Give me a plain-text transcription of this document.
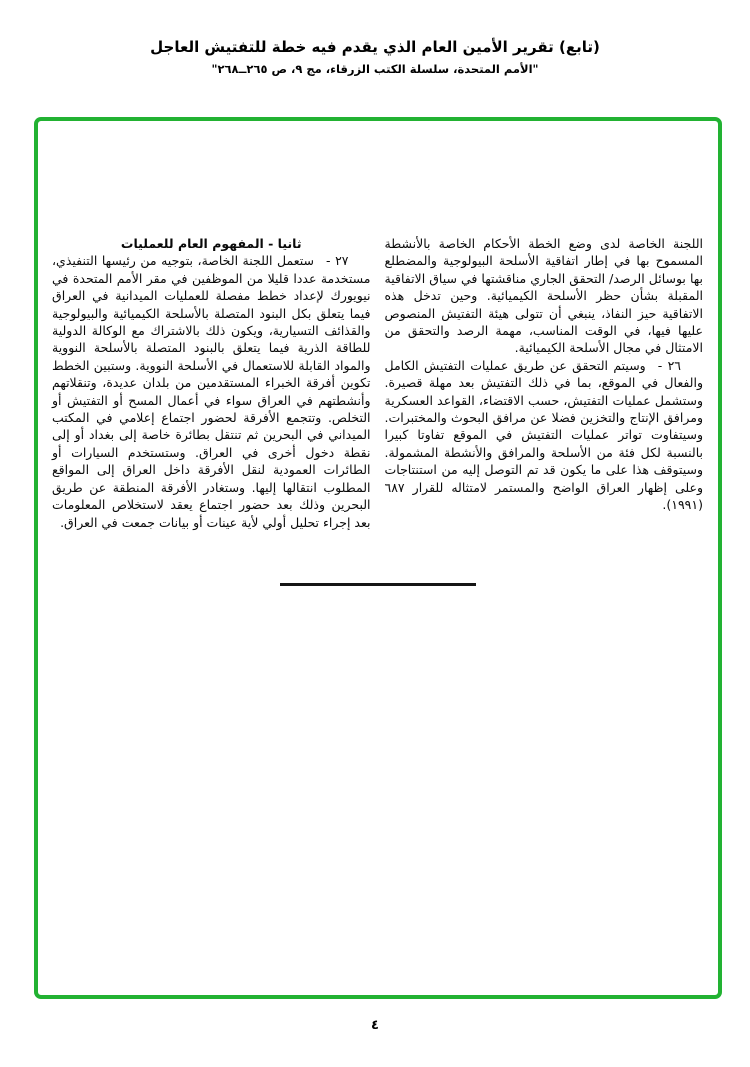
(تابع) تقرير الأمين العام الذي يقدم فيه خطة للتفتيش العاجل
"الأمم المتحدة، سلسلة الكتب الزرقاء، مج ٩، ص ٢٦٥ــ٢٦٨"

اللجنة الخاصة لدى وضع الخطة الأحكام الخاصة بالأنشطة المسموح بها في إطار اتفاقية الأسلحة البيولوجية والمضطلع بها بوسائل الرصد/ التحقق الجاري مناقشتها في سياق الاتفاقية المقبلة بشأن حظر الأسلحة الكيميائية. وحين تدخل هذه الاتفاقية حيز النفاذ، ينبغي أن تتولى هيئة التفتيش المنصوص عليها فيها، في الوقت المناسب، مهمة الرصد والتحقق من الامتثال في مجال الأسلحة الكيميائية.

٢٦ -وسيتم التحقق عن طريق عمليات التفتيش الكامل والفعال في الموقع، بما في ذلك التفتيش بعد مهلة قصيرة. وستشمل عمليات التفتيش، حسب الاقتضاء، القواعد العسكرية ومرافق الإنتاج والتخزين فضلا عن مرافق البحوث والمختبرات. وسيتفاوت تواتر عمليات التفتيش في الموقع تفاوتا كبيرا بالنسبة لكل فئة من الأسلحة والمرافق والأنشطة المشمولة. وسيتوقف هذا على ما يكون قد تم التوصل إليه من استنتاجات وعلى إظهار العراق الواضح والمستمر لامتثاله للقرار ٦٨٧ (١٩٩١).

ثانيا - المفهوم العام للعمليات

٢٧ -ستعمل اللجنة الخاصة، بتوجيه من رئيسها التنفيذي، مستخدمة عددا قليلا من الموظفين في مقر الأمم المتحدة في نيويورك لإعداد خطط مفصلة للعمليات الميدانية في العراق فيما يتعلق بكل البنود المتصلة بالأسلحة الكيميائية والبيولوجية والقذائف التسيارية، ويكون ذلك بالاشتراك مع الوكالة الدولية للطاقة الذرية فيما يتعلق بالبنود المتصلة بالأسلحة النووية والمواد القابلة للاستعمال في الأسلحة النووية. وستبين الخطط تكوين أفرقة الخبراء المستقدمين من بلدان عديدة، وتنقلاتهم وأنشطتهم في العراق سواء في أعمال المسح أو التفتيش أو التخلص. وتتجمع الأفرقة لحضور اجتماع إعلامي في المكتب الميداني في البحرين ثم تنتقل بطائرة خاصة إلى بغداد أو إلى نقطة دخول أخرى في العراق. وستستخدم السيارات أو الطائرات العمودية لنقل الأفرقة داخل العراق إلى المواقع المطلوب انتقالها إليها. وستغادر الأفرقة المنطقة عن طريق البحرين وذلك بعد حضور اجتماع يعقد لاستخلاص المعلومات بعد إجراء تحليل أولي لأية عينات أو بيانات جمعت في العراق.

٤
